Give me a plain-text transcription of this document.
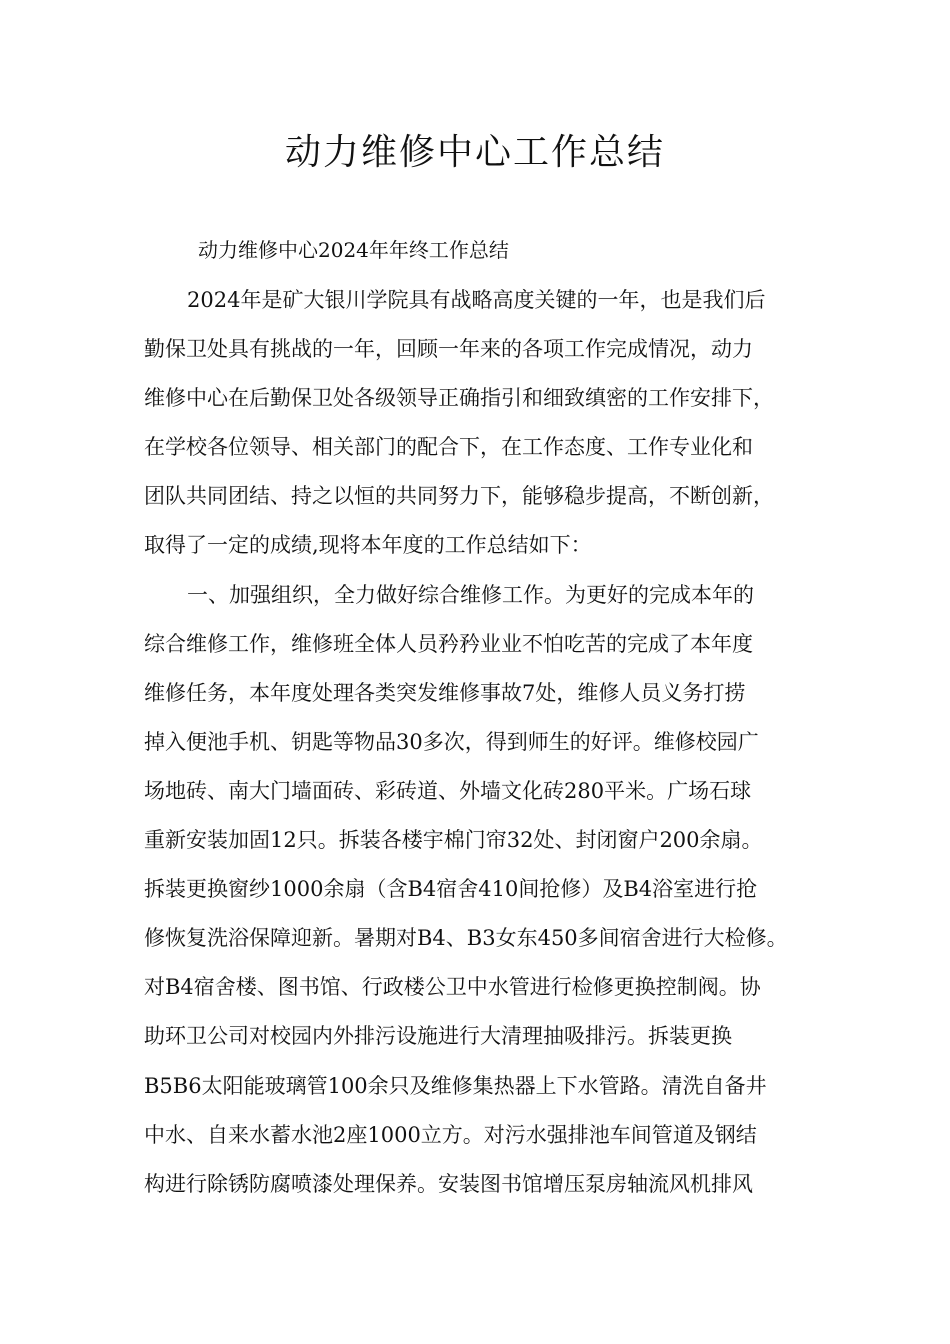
动力维修中心工作总结
动力维修中心2024年年终工作总结
2024年是矿大银川学院具有战略高度关键的一年，也是我们后
勤保卫处具有挑战的一年，回顾一年来的各项工作完成情况，动力
维修中心在后勤保卫处各级领导正确指引和细致缜密的工作安排下，
在学校各位领导、相关部门的配合下，在工作态度、工作专业化和
团队共同团结、持之以恒的共同努力下，能够稳步提高，不断创新，
取得了一定的成绩,现将本年度的工作总结如下：
一、加强组织，全力做好综合维修工作。为更好的完成本年的
综合维修工作，维修班全体人员矜矜业业不怕吃苦的完成了本年度
维修任务，本年度处理各类突发维修事故7处，维修人员义务打捞
掉入便池手机、钥匙等物品30多次，得到师生的好评。维修校园广
场地砖、南大门墙面砖、彩砖道、外墙文化砖280平米。广场石球
重新安装加固12只。拆装各楼宇棉门帘32处、封闭窗户200余扇。
拆装更换窗纱1000余扇（含B4宿舍410间抢修）及B4浴室进行抢
修恢复洗浴保障迎新。暑期对B4、B3女东450多间宿舍进行大检修。
对B4宿舍楼、图书馆、行政楼公卫中水管进行检修更换控制阀。协
助环卫公司对校园内外排污设施进行大清理抽吸排污。拆装更换
B5B6太阳能玻璃管100余只及维修集热器上下水管路。清洗自备井
中水、自来水蓄水池2座1000立方。对污水强排池车间管道及钢结
构进行除锈防腐喷漆处理保养。安装图书馆增压泵房轴流风机排风
